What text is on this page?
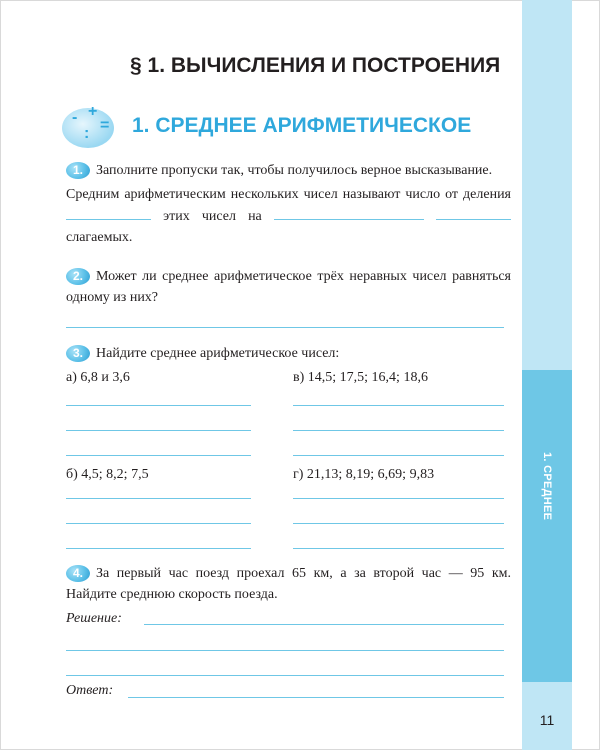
1. СРЕДНЕЕ АРИФМЕТИЧЕСКОЕ
11
§ 1. ВЫЧИСЛЕНИЯ И ПОСТРОЕНИЯ
- +
: = 1. СРЕДНЕЕ АРИФМЕТИЧЕСКОЕ

1. Заполните пропуски так, чтобы получилось верное высказывание.

Средним арифметическим нескольких чисел называют число от деления  этих чисел на   слагаемых.

2. Может ли среднее арифметическое трёх неравных чисел равняться одному из них?

3. Найдите среднее арифметическое чисел:

а) 6,8 и 3,6	в) 14,5; 17,5; 16,4; 18,6
б) 4,5; 8,2; 7,5	г) 21,13; 8,19; 6,69; 9,83

4. За первый час поезд проехал 65 км, а за второй час — 95 км. Найдите среднюю скорость поезда.

Решение:
Ответ:
